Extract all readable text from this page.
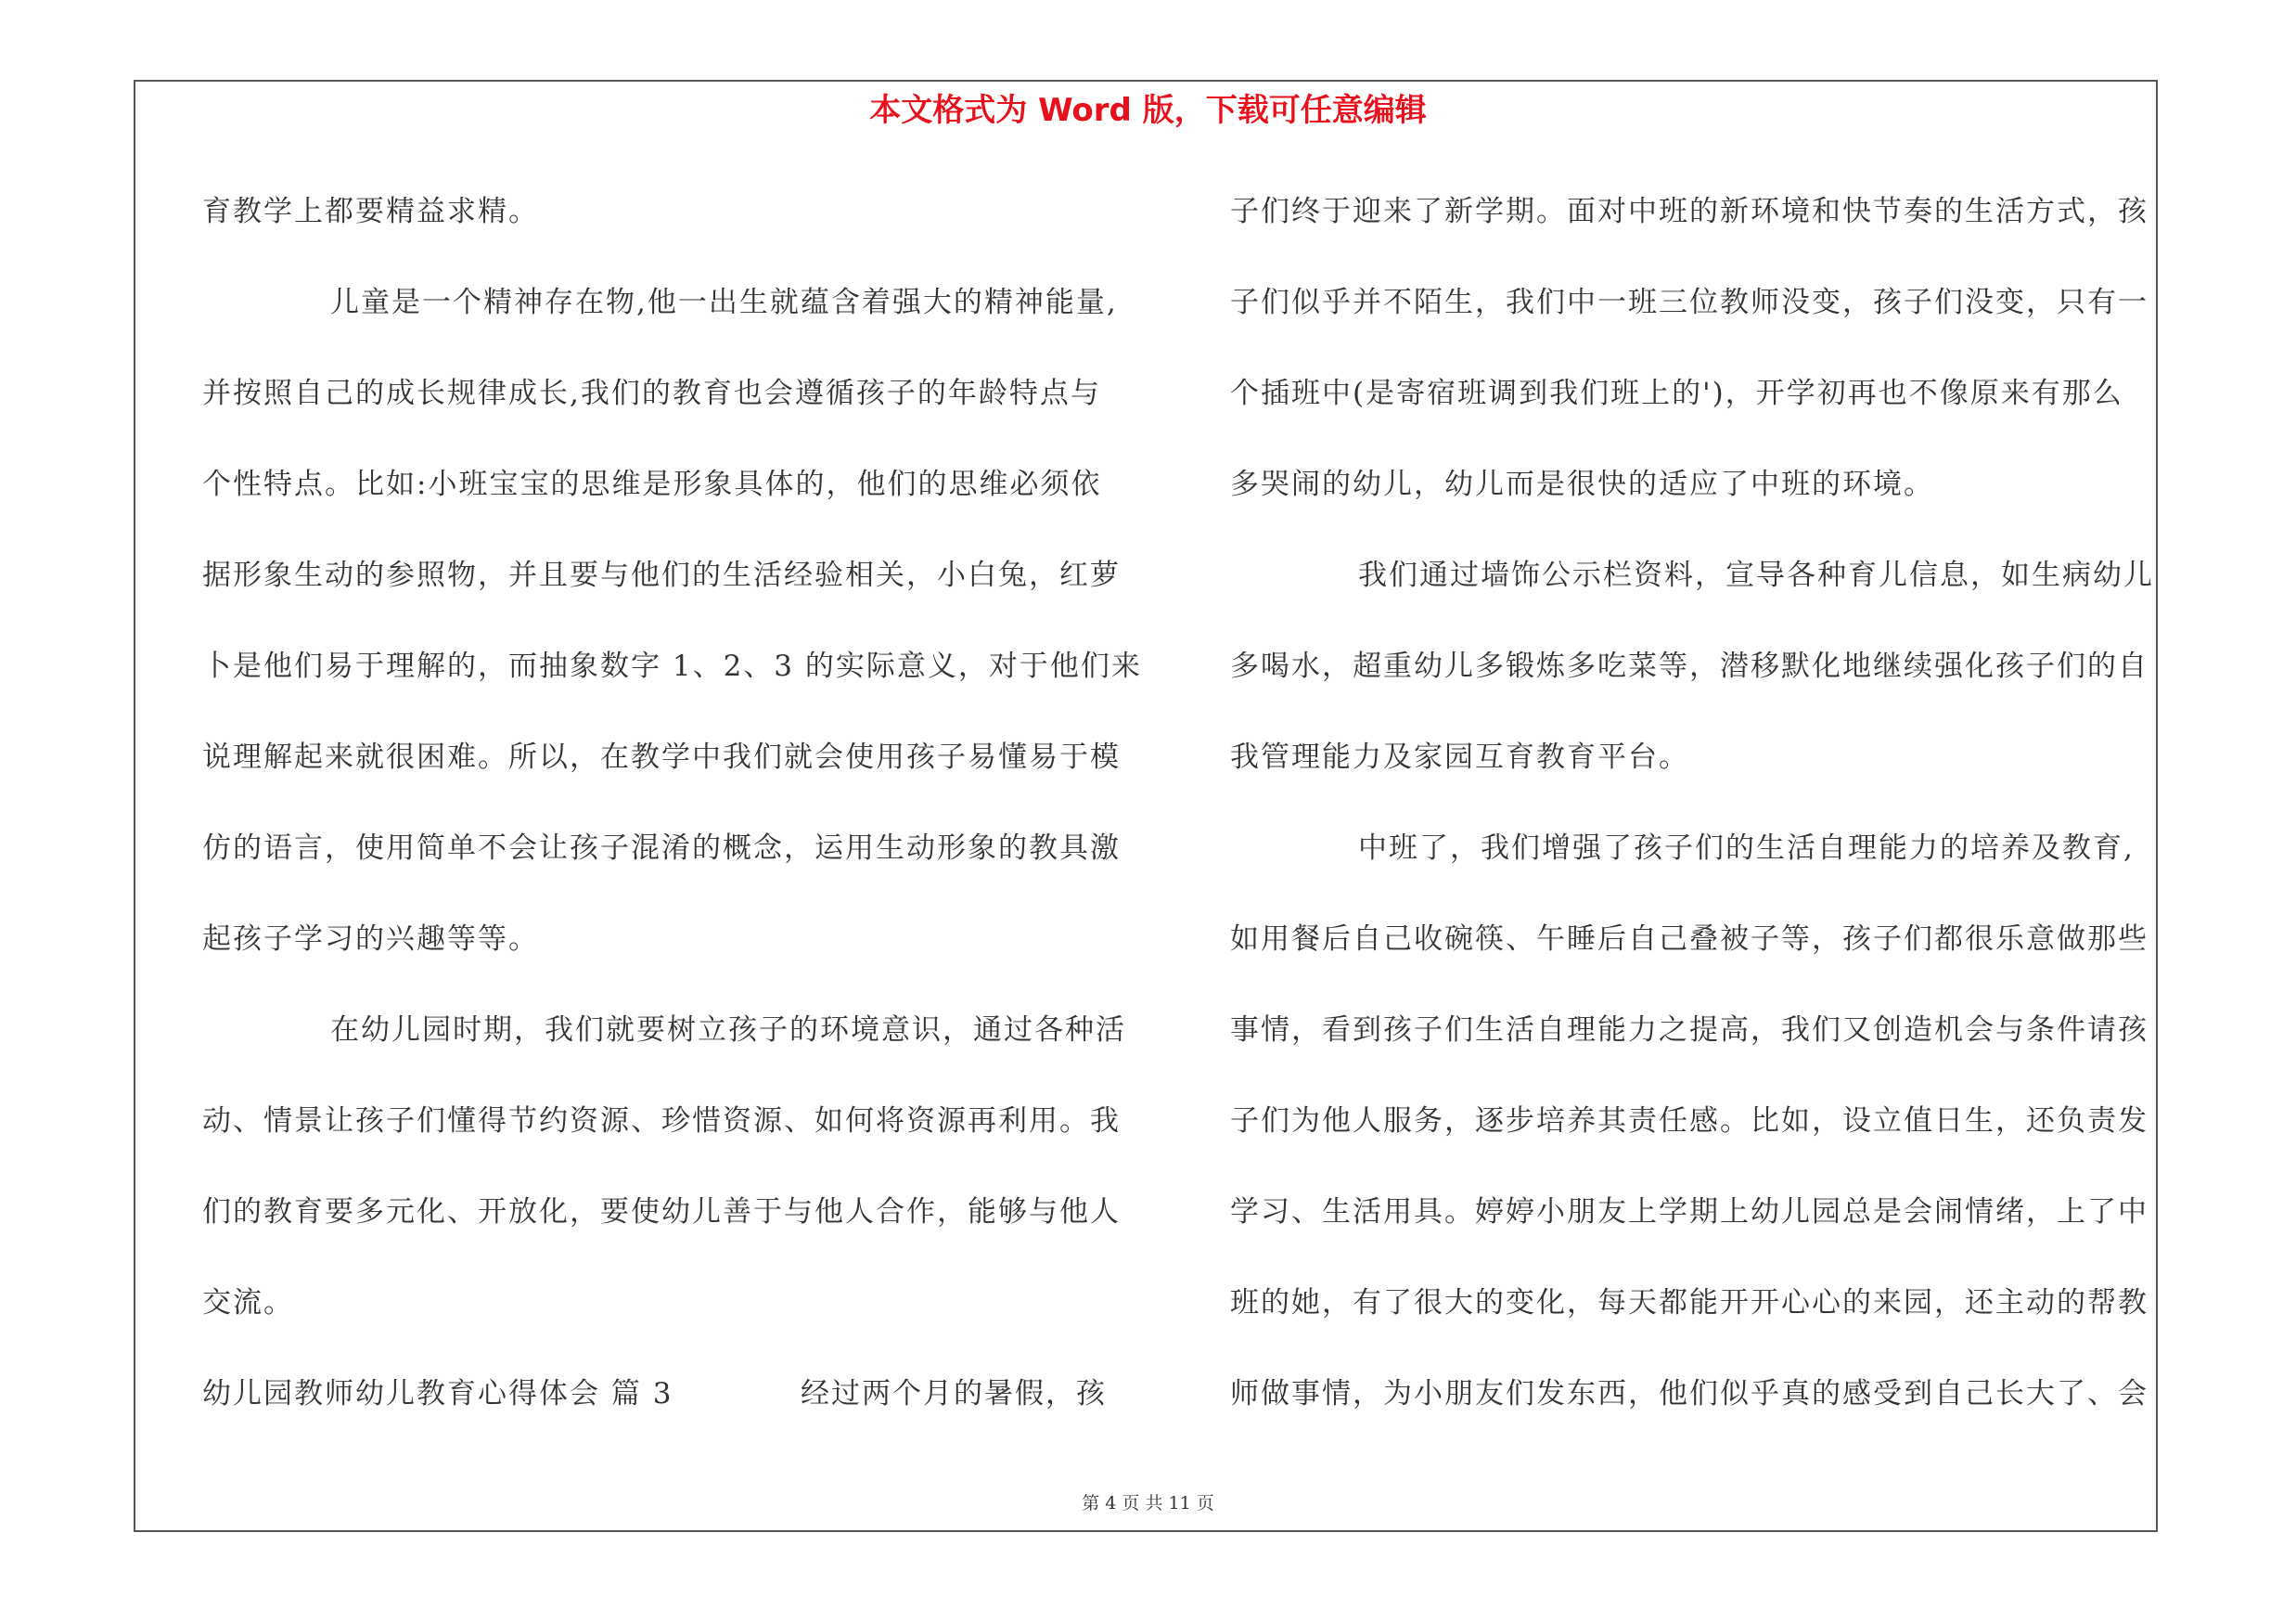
本文格式为 Word 版，下载可任意编辑
育教学上都要精益求精。
儿童是一个精神存在物,他一出生就蕴含着强大的精神能量,
并按照自己的成长规律成长,我们的教育也会遵循孩子的年龄特点与
个性特点。比如:小班宝宝的思维是形象具体的，他们的思维必须依
据形象生动的参照物，并且要与他们的生活经验相关，小白兔，红萝
卜是他们易于理解的，而抽象数字 1、2、3 的实际意义，对于他们来
说理解起来就很困难。所以，在教学中我们就会使用孩子易懂易于模
仿的语言，使用简单不会让孩子混淆的概念，运用生动形象的教具激
起孩子学习的兴趣等等。
在幼儿园时期，我们就要树立孩子的环境意识，通过各种活
动、情景让孩子们懂得节约资源、珍惜资源、如何将资源再利用。我
们的教育要多元化、开放化，要使幼儿善于与他人合作，能够与他人
交流。
幼儿园教师幼儿教育心得体会 篇 3	经过两个月的暑假，孩
子们终于迎来了新学期。面对中班的新环境和快节奏的生活方式，孩
子们似乎并不陌生，我们中一班三位教师没变，孩子们没变，只有一
个插班中(是寄宿班调到我们班上的')，开学初再也不像原来有那么
多哭闹的幼儿，幼儿而是很快的适应了中班的环境。
我们通过墙饰公示栏资料，宣导各种育儿信息，如生病幼儿
多喝水，超重幼儿多锻炼多吃菜等，潜移默化地继续强化孩子们的自
我管理能力及家园互育教育平台。
中班了，我们增强了孩子们的生活自理能力的培养及教育,
如用餐后自己收碗筷、午睡后自己叠被子等，孩子们都很乐意做那些
事情，看到孩子们生活自理能力之提高，我们又创造机会与条件请孩
子们为他人服务，逐步培养其责任感。比如，设立值日生，还负责发
学习、生活用具。婷婷小朋友上学期上幼儿园总是会闹情绪，上了中
班的她，有了很大的变化，每天都能开开心心的来园，还主动的帮教
师做事情，为小朋友们发东西，他们似乎真的感受到自己长大了、会
第 4 页 共 11 页
